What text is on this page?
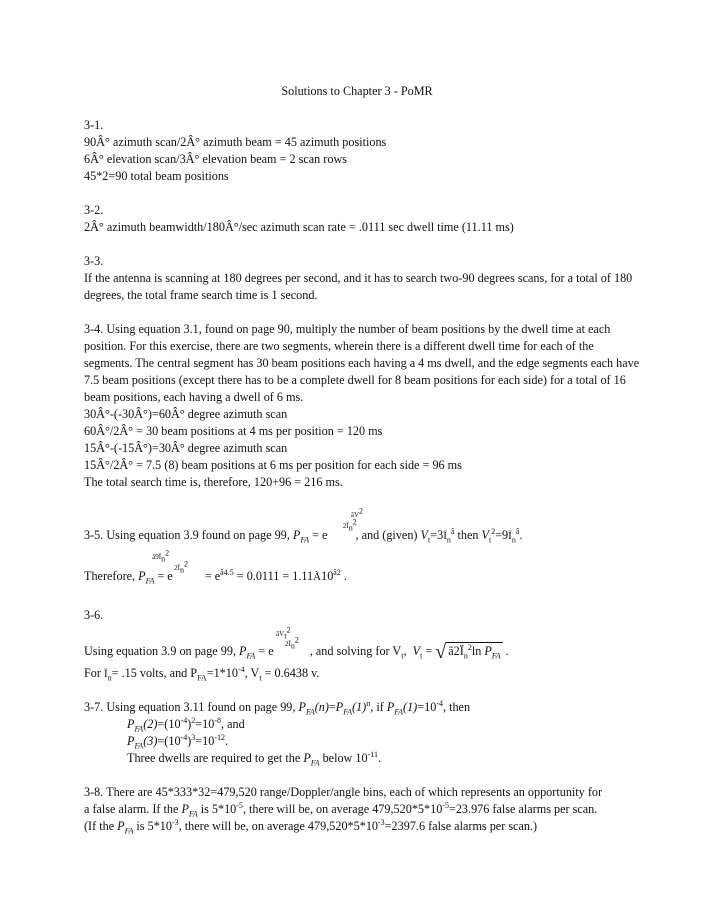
Solutions to Chapter 3 - PoMR
3-1.
90Â° azimuth scan/2Â° azimuth beam = 45 azimuth positions
6Â° elevation scan/3Â° elevation beam = 2 scan rows
45*2=90 total beam positions
3-2.
2Â° azimuth beamwidth/180Â°/sec azimuth scan rate = .0111 sec dwell time (11.11 ms)
3-3.
If the antenna is scanning at 180 degrees per second, and it has to search two-90 degrees scans, for a total of 180 degrees, the total frame search time is 1 second.
3-4. Using equation 3.1, found on page 90, multiply the number of beam positions by the dwell time at each position. For this exercise, there are two segments, wherein there is a different dwell time for each of the segments. The central segment has 30 beam positions each having a 4 ms dwell, and the edge segments each have 7.5 beam positions (except there has to be a complete dwell for 8 beam positions for each side) for a total of 16 beam positions, each having a dwell of 6 ms.
30Â°-(-30Â°)=60Â° degree azimuth scan
60Â°/2Â° = 30 beam positions at 4 ms per position = 120 ms
15Â°-(-15Â°)=30Â° degree azimuth scan
15Â°/2Â° = 7.5 (8) beam positions at 6 ms per position for each side = 96 ms
The total search time is, therefore, 120+96 = 216 ms.
3-5. Using equation 3.9 found on page 99, $P_{FA} = e$
$âV^2$
$2Ï_n^2$
, and (given) $V_t=3Ï_n^â$ then $V_t^2=9Ï_n^â$.
Therefore, $P_{FA} = e$
$â9Ï_n^2$
$2Ï_n^2$
= $e^{â4.5} = 0.0111$ = $1.11Ã10^{â2}$ .
3-6.
Using equation 3.9 on page 99, $P_{FA} = e$
$âV_t^2$
$2Ï_n^2$
, and solving for $V_t$, $V_t$ = √ $â2Ï_n^2\ln$ $P_{FA}$ .
For $Ï_n= .15$ volts, and $P_{FA}=1*10^{-4}$, $V_t = 0.6438$ v.
3-7. Using equation 3.11 found on page 99, $P_{FA}(n)=P_{FA}(1)^n$, if $P_{FA}(1)=10^{-4}$, then
$P_{FA}(2)=(10^{-4})^2=10^{-8}$, and
$P_{FA}(3)=(10^{-4})^3=10^{-12}$.
Three dwells are required to get the $P_{FA}$ below $10^{-11}$.
3-8. There are 45*333*32=479,520 range/Doppler/angle bins, each of which represents an opportunity for
a false alarm. If the $P_{FA}$ is $5*10^{-5}$, there will be, on average $479,520*5*10^{-5}=23.976$ false alarms per scan.
(If the $P_{FA}$ is $5*10^{-3}$, there will be, on average $479,520*5*10^{-3}=2397.6$ false alarms per scan.)
